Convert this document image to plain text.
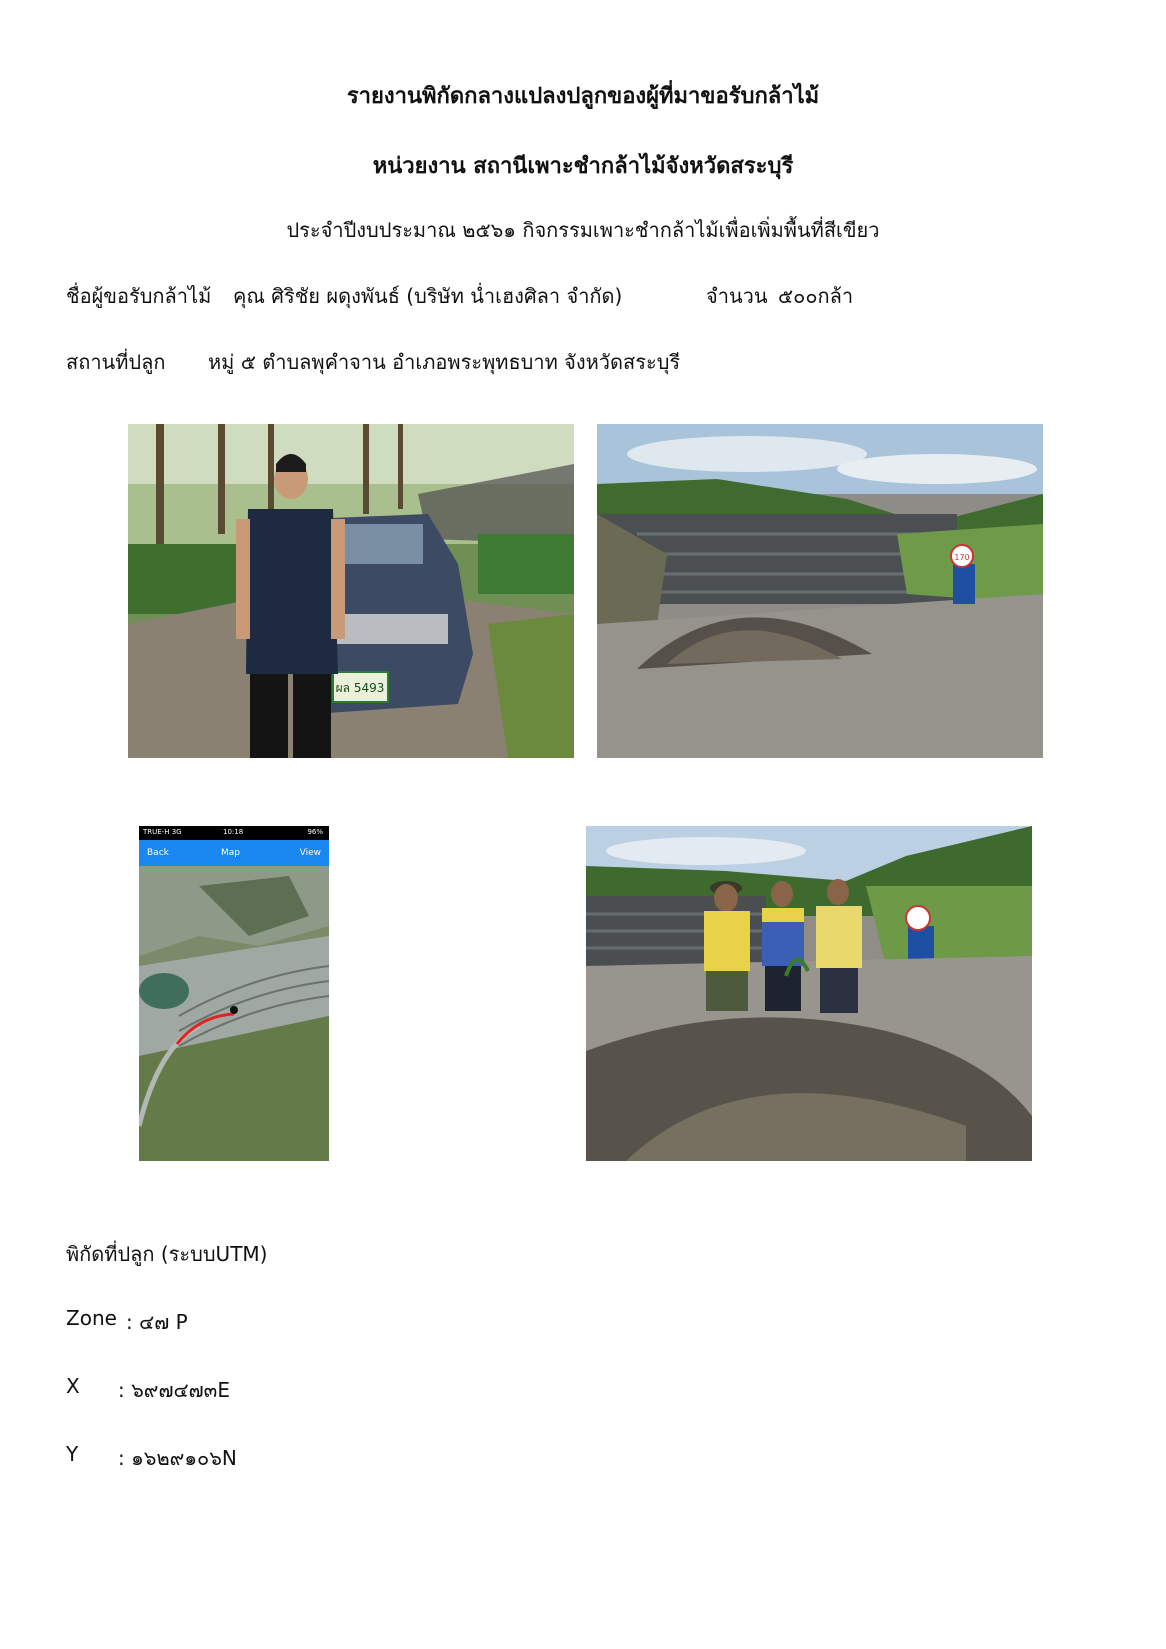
รายงานพิกัดกลางแปลงปลูกของผู้ที่มาขอรับกล้าไม้
หน่วยงาน สถานีเพาะชำกล้าไม้จังหวัดสระบุรี
ประจำปีงบประมาณ ๒๕๖๑ กิจกรรมเพาะชำกล้าไม้เพื่อเพิ่มพื้นที่สีเขียว
ชื่อผู้ขอรับกล้าไม้ คุณ ศิริชัย ผดุงพันธ์ (บริษัท น่ำเฮงศิลา จำกัด)	จำนวน ๕๐๐กล้า
สถานที่ปลูก หมู่ ๕ ตำบลพุคำจาน อำเภอพระพุทธบาท จังหวัดสระบุรี
ผล 5493
170
TRUE-H 3G	10:18	96%
Back	Map	View
พิกัดที่ปลูก (ระบบUTM)
Zone : ๔๗ P
X : ๖๙๗๔๗๓E
Y : ๑๖๒๙๑๐๖N
